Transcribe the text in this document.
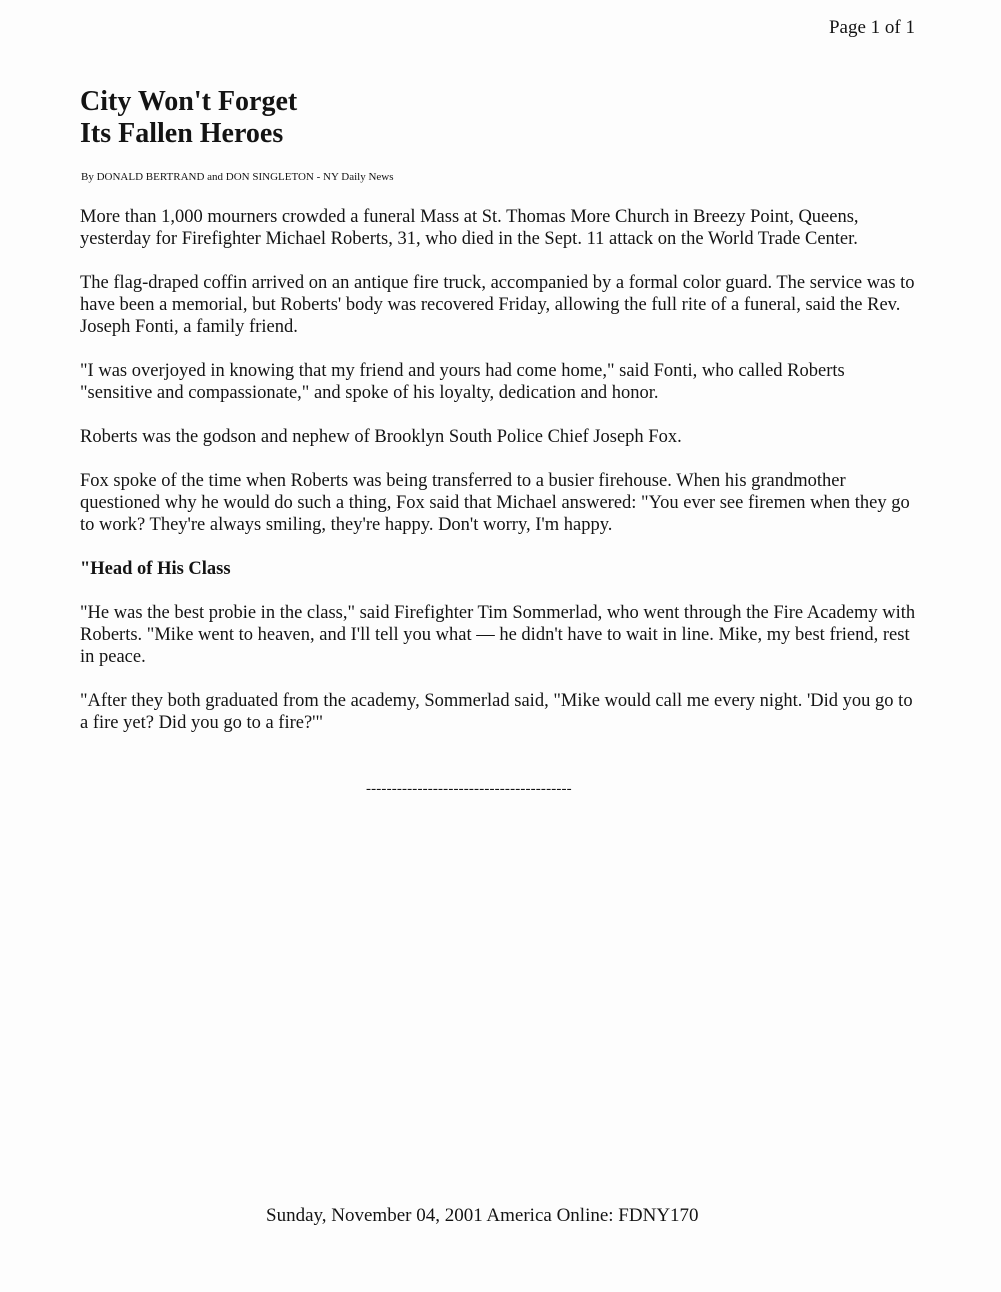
Page 1 of 1
City Won't Forget
Its Fallen Heroes
By DONALD BERTRAND and DON SINGLETON - NY Daily News

More than 1,000 mourners crowded a funeral Mass at St. Thomas More Church in Breezy Point, Queens, yesterday for Firefighter Michael Roberts, 31, who died in the Sept. 11 attack on the World Trade Center.

The flag-draped coffin arrived on an antique fire truck, accompanied by a formal color guard. The service was to have been a memorial, but Roberts' body was recovered Friday, allowing the full rite of a funeral, said the Rev. Joseph Fonti, a family friend.

"I was overjoyed in knowing that my friend and yours had come home," said Fonti, who called Roberts "sensitive and compassionate," and spoke of his loyalty, dedication and honor.

Roberts was the godson and nephew of Brooklyn South Police Chief Joseph Fox.

Fox spoke of the time when Roberts was being transferred to a busier firehouse. When his grandmother questioned why he would do such a thing, Fox said that Michael answered: "You ever see firemen when they go to work? They're always smiling, they're happy. Don't worry, I'm happy.

"Head of His Class

"He was the best probie in the class," said Firefighter Tim Sommerlad, who went through the Fire Academy with Roberts. "Mike went to heaven, and I'll tell you what — he didn't have to wait in line. Mike, my best friend, rest in peace.

"After they both graduated from the academy, Sommerlad said, "Mike would call me every night. 'Did you go to a fire yet? Did you go to a fire?'"

----------------------------------------
Sunday, November 04, 2001 America Online: FDNY170
